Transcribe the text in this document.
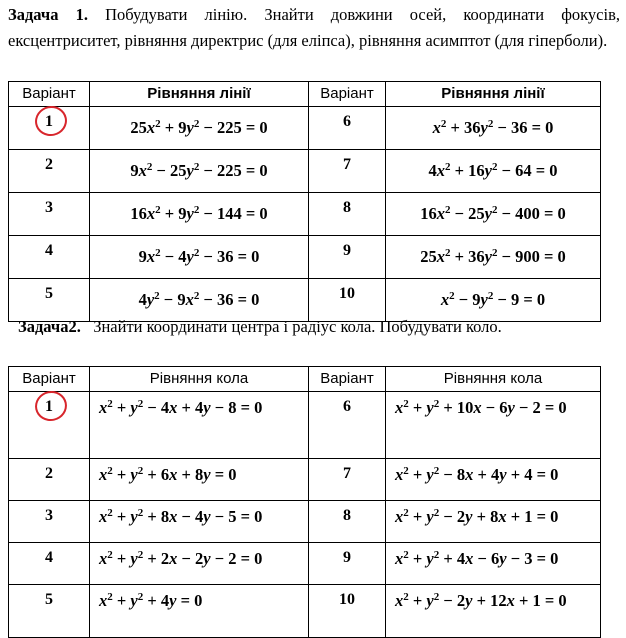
Задача 1. Побудувати лінію. Знайти довжини осей, координати фокусів, ексцентриситет, рівняння директрис (для еліпса), рівняння асимптот (для гіперболи).
Варіант	Рівняння лінії	Варіант	Рівняння лінії
1	$25x^2 + 9y^2 - 225 = 0$	6	$x^2 + 36y^2 - 36 = 0$
2	$9x^2 - 25y^2 - 225 = 0$	7	$4x^2 + 16y^2 - 64 = 0$
3	$16x^2 + 9y^2 - 144 = 0$	8	$16x^2 - 25y^2 - 400 = 0$
4	$9x^2 - 4y^2 - 36 = 0$	9	$25x^2 + 36y^2 - 900 = 0$
5	$4y^2 - 9x^2 - 36 = 0$	10	$x^2 - 9y^2 - 9 = 0$
Задача2.   Знайти координати центра і радіус кола. Побудувати коло.
Варіант	Рівняння кола	Варіант	Рівняння кола
1	$x^2 + y^2 - 4x + 4y - 8 = 0$	6	$x^2 + y^2 + 10x - 6y - 2 = 0$
2	$x^2 + y^2 + 6x + 8y = 0$	7	$x^2 + y^2 - 8x + 4y + 4 = 0$
3	$x^2 + y^2 + 8x - 4y - 5 = 0$	8	$x^2 + y^2 - 2y + 8x + 1 = 0$
4	$x^2 + y^2 + 2x - 2y - 2 = 0$	9	$x^2 + y^2 + 4x - 6y - 3 = 0$
5	$x^2 + y^2 + 4y = 0$	10	$x^2 + y^2 - 2y + 12x + 1 = 0$
